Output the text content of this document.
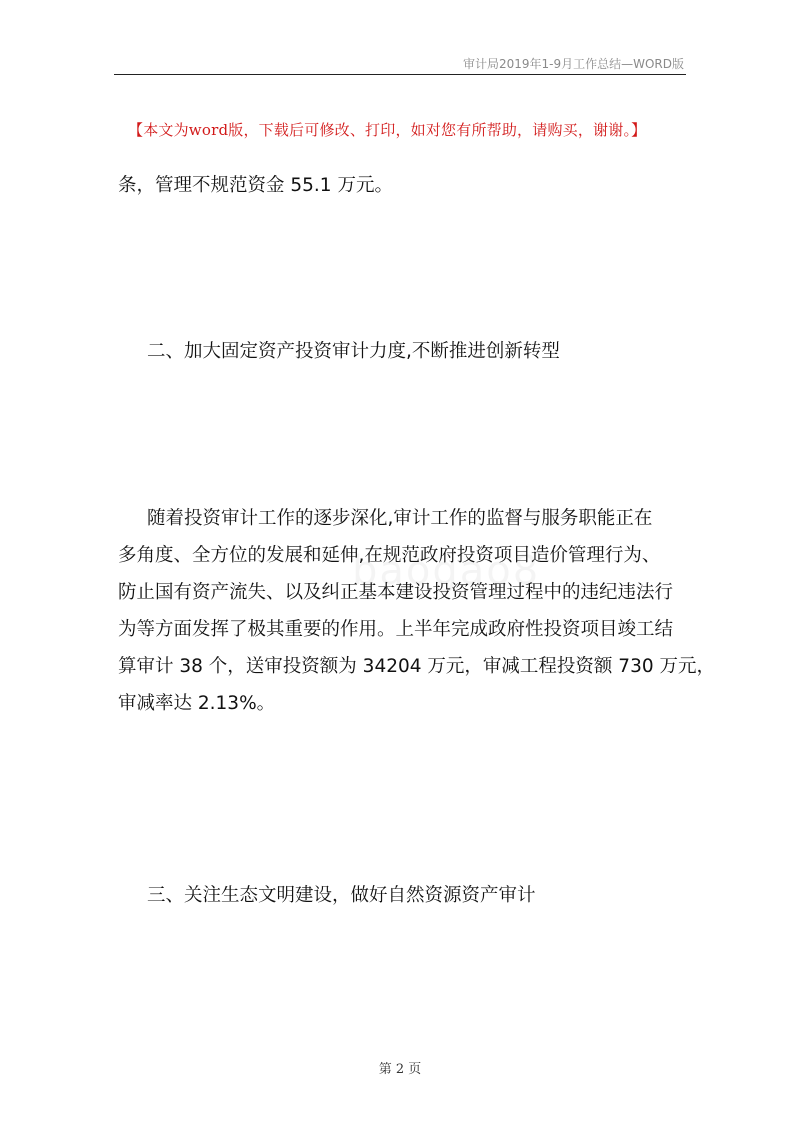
审计局2019年1-9月工作总结—WORD版
【本文为word版，下载后可修改、打印，如对您有所帮助，请购买，谢谢。】
条，管理不规范资金 55.1 万元。
二、加大固定资产投资审计力度,不断推进创新转型
随着投资审计工作的逐步深化,审计工作的监督与服务职能正在
多角度、全方位的发展和延伸,在规范政府投资项目造价管理行为、
防止国有资产流失、以及纠正基本建设投资管理过程中的违纪违法行
为等方面发挥了极其重要的作用。上半年完成政府性投资项目竣工结
算审计 38 个，送审投资额为 34204 万元，审减工程投资额 730 万元，
审减率达 2.13%。
三、关注生态文明建设，做好自然资源资产审计
第 2 页
